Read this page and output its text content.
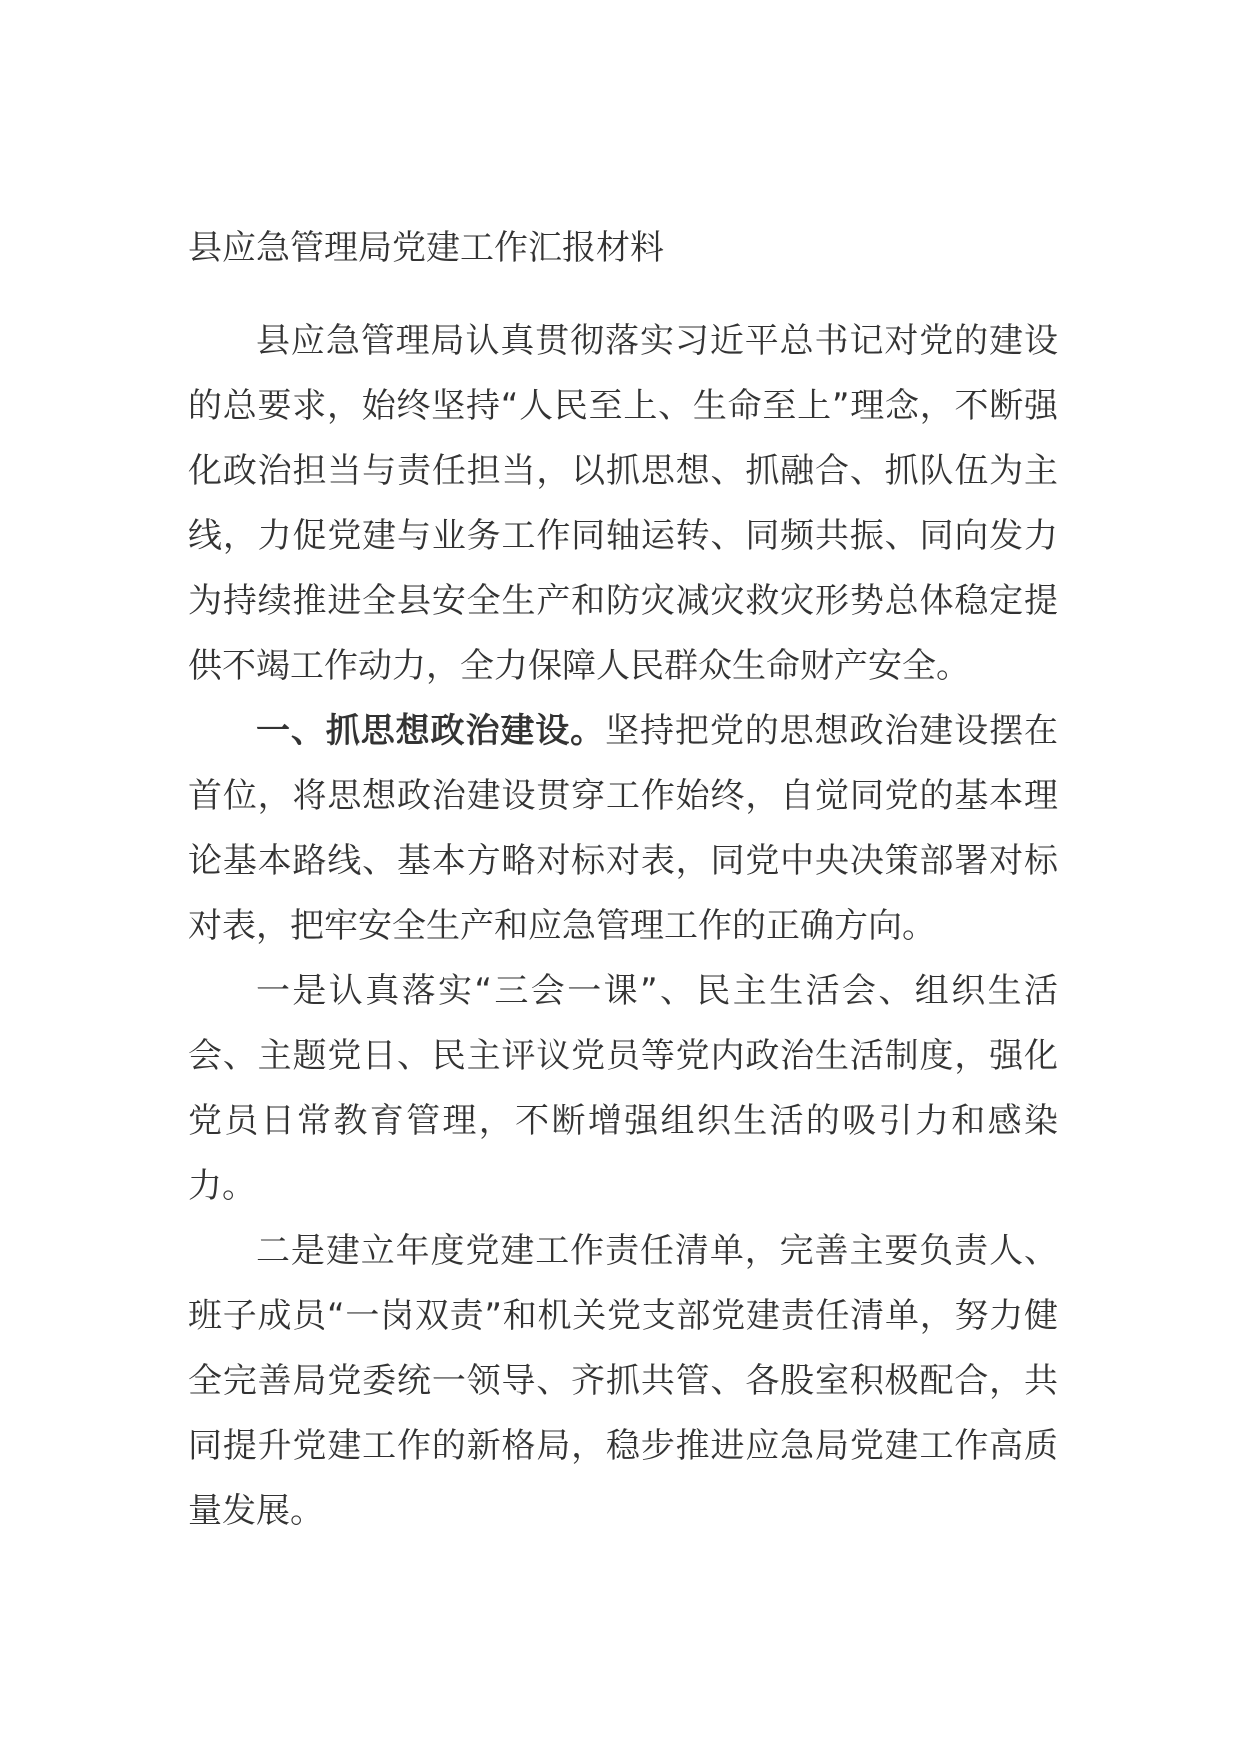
县应急管理局党建工作汇报材料

县应急管理局认真贯彻落实习近平总书记对党的建设的总要求，始终坚持“人民至上、生命至上”理念，不断强化政治担当与责任担当，以抓思想、抓融合、抓队伍为主线，力促党建与业务工作同轴运转、同频共振、同向发力为持续推进全县安全生产和防灾减灾救灾形势总体稳定提供不竭工作动力，全力保障人民群众生命财产安全。

一、抓思想政治建设。坚持把党的思想政治建设摆在首位，将思想政治建设贯穿工作始终，自觉同党的基本理论基本路线、基本方略对标对表，同党中央决策部署对标对表，把牢安全生产和应急管理工作的正确方向。

一是认真落实“三会一课”、民主生活会、组织生活会、主题党日、民主评议党员等党内政治生活制度，强化党员日常教育管理，不断增强组织生活的吸引力和感染力。

二是建立年度党建工作责任清单，完善主要负责人、班子成员“一岗双责”和机关党支部党建责任清单，努力健全完善局党委统一领导、齐抓共管、各股室积极配合，共同提升党建工作的新格局，稳步推进应急局党建工作高质量发展。
